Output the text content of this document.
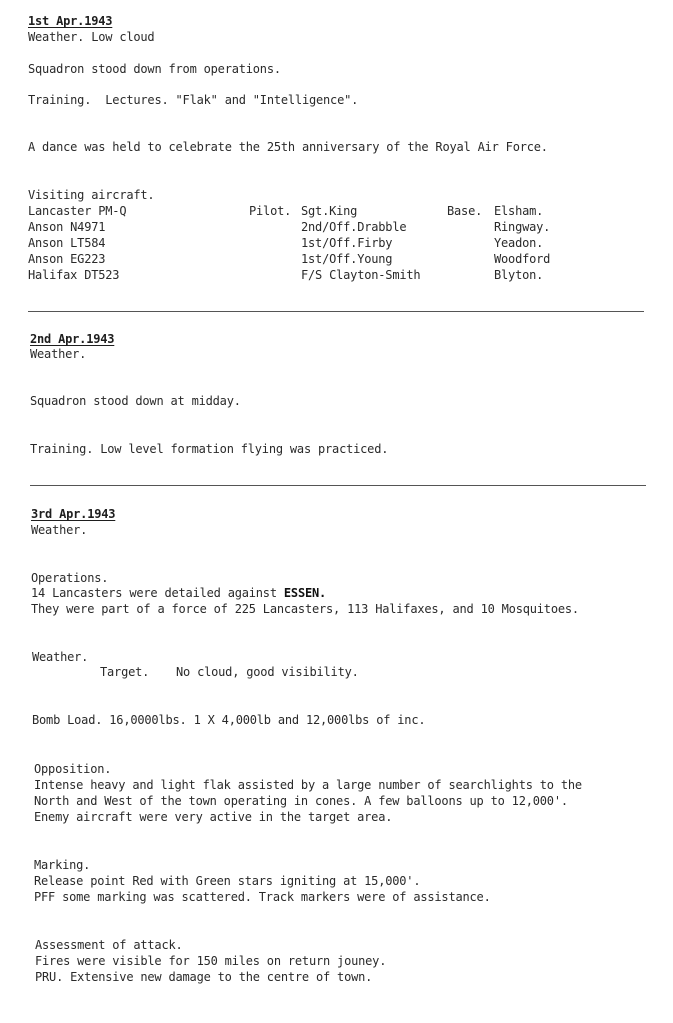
1st Apr.1943
Weather. Low cloud
Squadron stood down from operations.
Training.  Lectures. "Flak" and "Intelligence".
A dance was held to celebrate the 25th anniversary of the Royal Air Force.
Visiting aircraft.
Pilot.	Base.
Lancaster PM-Q	Sgt.King	Elsham.
Anson N4971	2nd/Off.Drabble	Ringway.
Anson LT584	1st/Off.Firby	Yeadon.
Anson EG223	1st/Off.Young	Woodford
Halifax DT523	F/S Clayton-Smith	Blyton.
2nd Apr.1943
Weather.
Squadron stood down at midday.
Training. Low level formation flying was practiced.
3rd Apr.1943
Weather.
Operations.
14 Lancasters were detailed against ESSEN.
They were part of a force of 225 Lancasters, 113 Halifaxes, and 10 Mosquitoes.
Weather.
Target. No cloud, good visibility.
Bomb Load. 16,0000lbs. 1 X 4,000lb and 12,000lbs of inc.
Opposition.
Intense heavy and light flak assisted by a large number of searchlights to the
North and West of the town operating in cones. A few balloons up to 12,000'.
Enemy aircraft were very active in the target area.
Marking.
Release point Red with Green stars igniting at 15,000'.
PFF some marking was scattered. Track markers were of assistance.
Assessment of attack.
Fires were visible for 150 miles on return jouney.
PRU. Extensive new damage to the centre of town.
